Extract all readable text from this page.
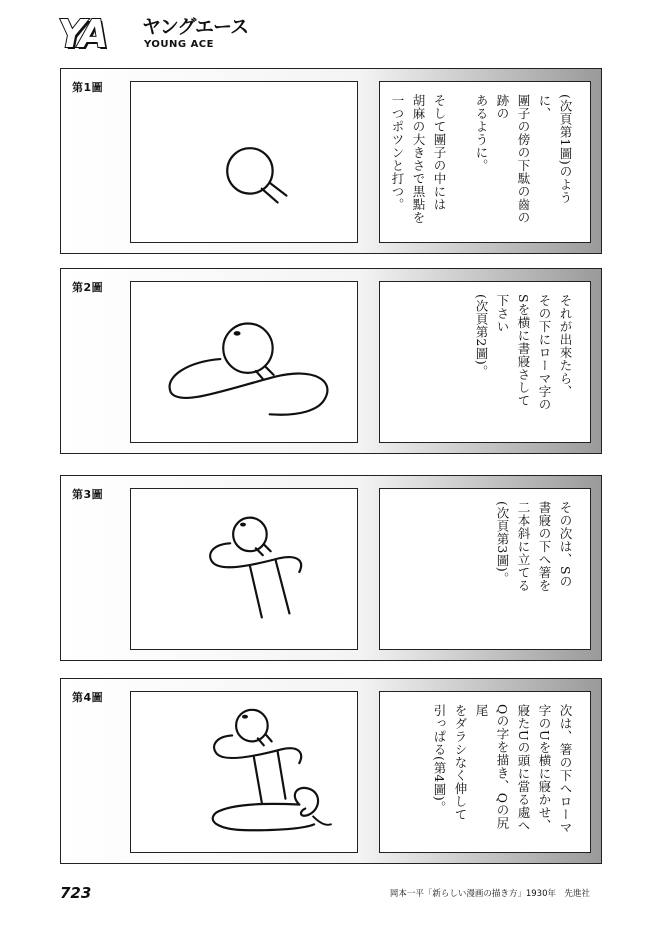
YA ヤングエース
YOUNG ACE
第1圖

(次頁第1圖)のように、

團子の傍の下駄の齒の跡の

あるように。

そして團子の中には

胡麻の大きさで黒點を

一つポツンと打つ。

第2圖

それが出來たら、

その下にローマ字の

Sを横に書寢さして

下さい

(次頁第2圖)。

第3圖

その次は、Sの

書寢の下へ箸を

二本斜に立てる

(次頁第3圖)。

第4圖

次は、箸の下へローマ

字のUを横に寢かせ、

寢たUの頭に當る處へ

Qの字を描き、Qの尻尾

をダラシなく伸して

引っぱる(第4圖)。

723	岡本一平「新らしい漫画の描き方」1930年　先進社
